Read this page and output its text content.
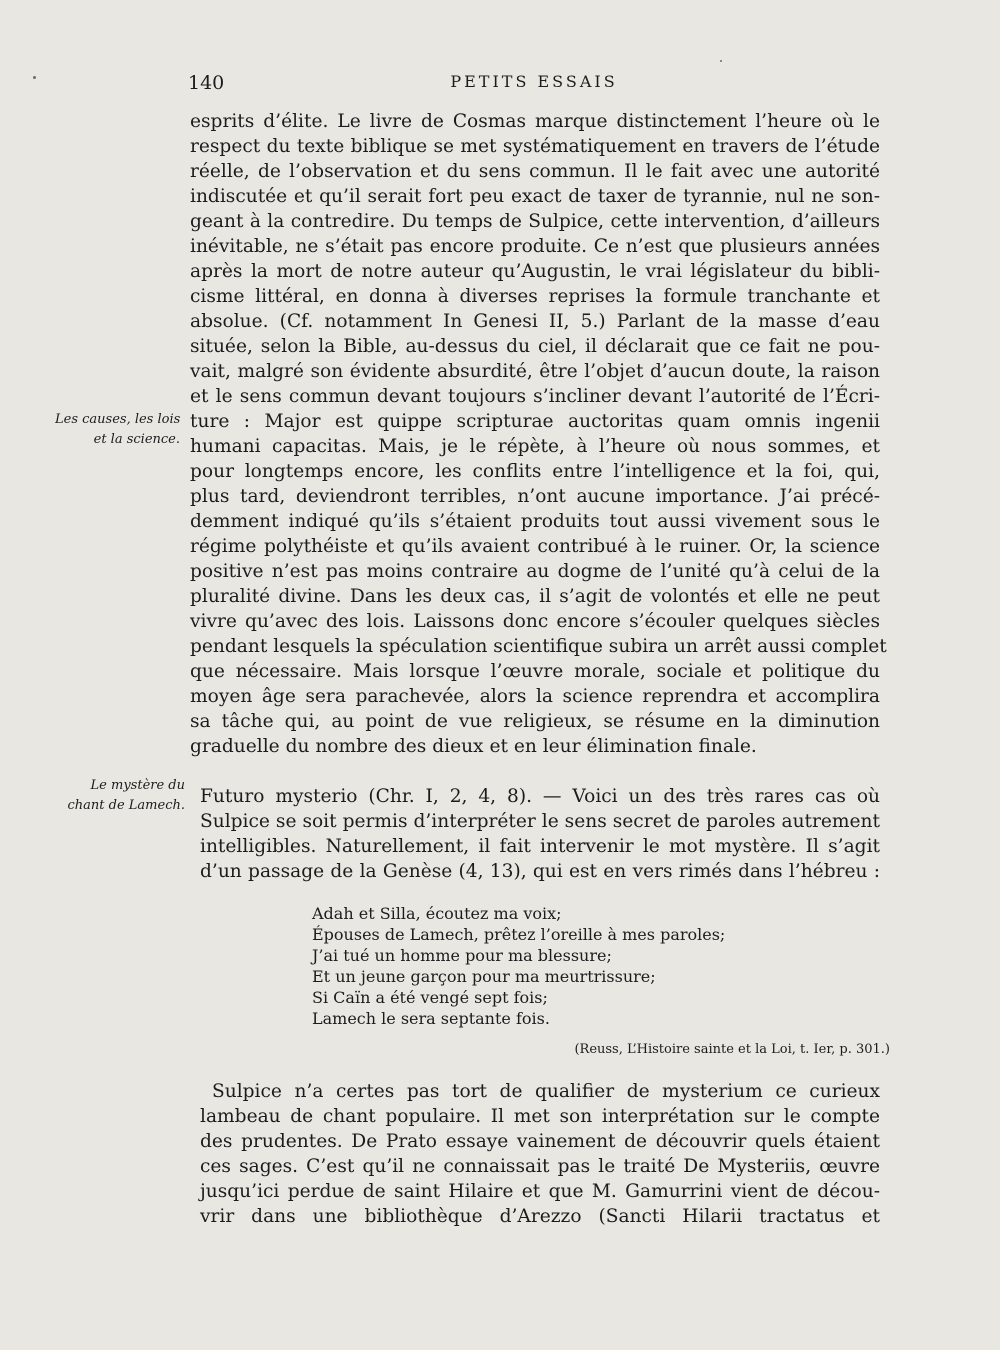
140	PETITS ESSAIS
Les causes, les lois
et la science.
Le mystère du
chant de Lamech.
esprits d’élite. Le livre de Cosmas marque distinctement l’heure où le
respect du texte biblique se met systématiquement en travers de l’étude
réelle, de l’observation et du sens commun. Il le fait avec une autorité
indiscutée et qu’il serait fort peu exact de taxer de tyrannie, nul ne son-
geant à la contredire. Du temps de Sulpice, cette intervention, d’ailleurs
inévitable, ne s’était pas encore produite. Ce n’est que plusieurs années
après la mort de notre auteur qu’Augustin, le vrai législateur du bibli-
cisme littéral, en donna à diverses reprises la formule tranchante et
absolue. (Cf. notamment In Genesi II, 5.) Parlant de la masse d’eau
située, selon la Bible, au-dessus du ciel, il déclarait que ce fait ne pou-
vait, malgré son évidente absurdité, être l’objet d’aucun doute, la raison
et le sens commun devant toujours s’incliner devant l’autorité de l’Écri-
ture : Major est quippe scripturae auctoritas quam omnis ingenii
humani capacitas. Mais, je le répète, à l’heure où nous sommes, et
pour longtemps encore, les conflits entre l’intelligence et la foi, qui,
plus tard, deviendront terribles, n’ont aucune importance. J’ai précé-
demment indiqué qu’ils s’étaient produits tout aussi vivement sous le
régime polythéiste et qu’ils avaient contribué à le ruiner. Or, la science
positive n’est pas moins contraire au dogme de l’unité qu’à celui de la
pluralité divine. Dans les deux cas, il s’agit de volontés et elle ne peut
vivre qu’avec des lois. Laissons donc encore s’écouler quelques siècles
pendant lesquels la spéculation scientifique subira un arrêt aussi complet
que nécessaire. Mais lorsque l’œuvre morale, sociale et politique du
moyen âge sera parachevée, alors la science reprendra et accomplira
sa tâche qui, au point de vue religieux, se résume en la diminution
graduelle du nombre des dieux et en leur élimination finale.
Futuro mysterio (Chr. I, 2, 4, 8). — Voici un des très rares cas où
Sulpice se soit permis d’interpréter le sens secret de paroles autrement
intelligibles. Naturellement, il fait intervenir le mot mystère. Il s’agit
d’un passage de la Genèse (4, 13), qui est en vers rimés dans l’hébreu :
Adah et Silla, écoutez ma voix;
Épouses de Lamech, prêtez l’oreille à mes paroles;
J’ai tué un homme pour ma blessure;
Et un jeune garçon pour ma meurtrissure;
Si Caïn a été vengé sept fois;
Lamech le sera septante fois.
(Reuss, L’Histoire sainte et la Loi, t. Ier, p. 301.)
Sulpice n’a certes pas tort de qualifier de mysterium ce curieux
lambeau de chant populaire. Il met son interprétation sur le compte
des prudentes. De Prato essaye vainement de découvrir quels étaient
ces sages. C’est qu’il ne connaissait pas le traité De Mysteriis, œuvre
jusqu’ici perdue de saint Hilaire et que M. Gamurrini vient de décou-
vrir dans une bibliothèque d’Arezzo (Sancti Hilarii tractatus et
